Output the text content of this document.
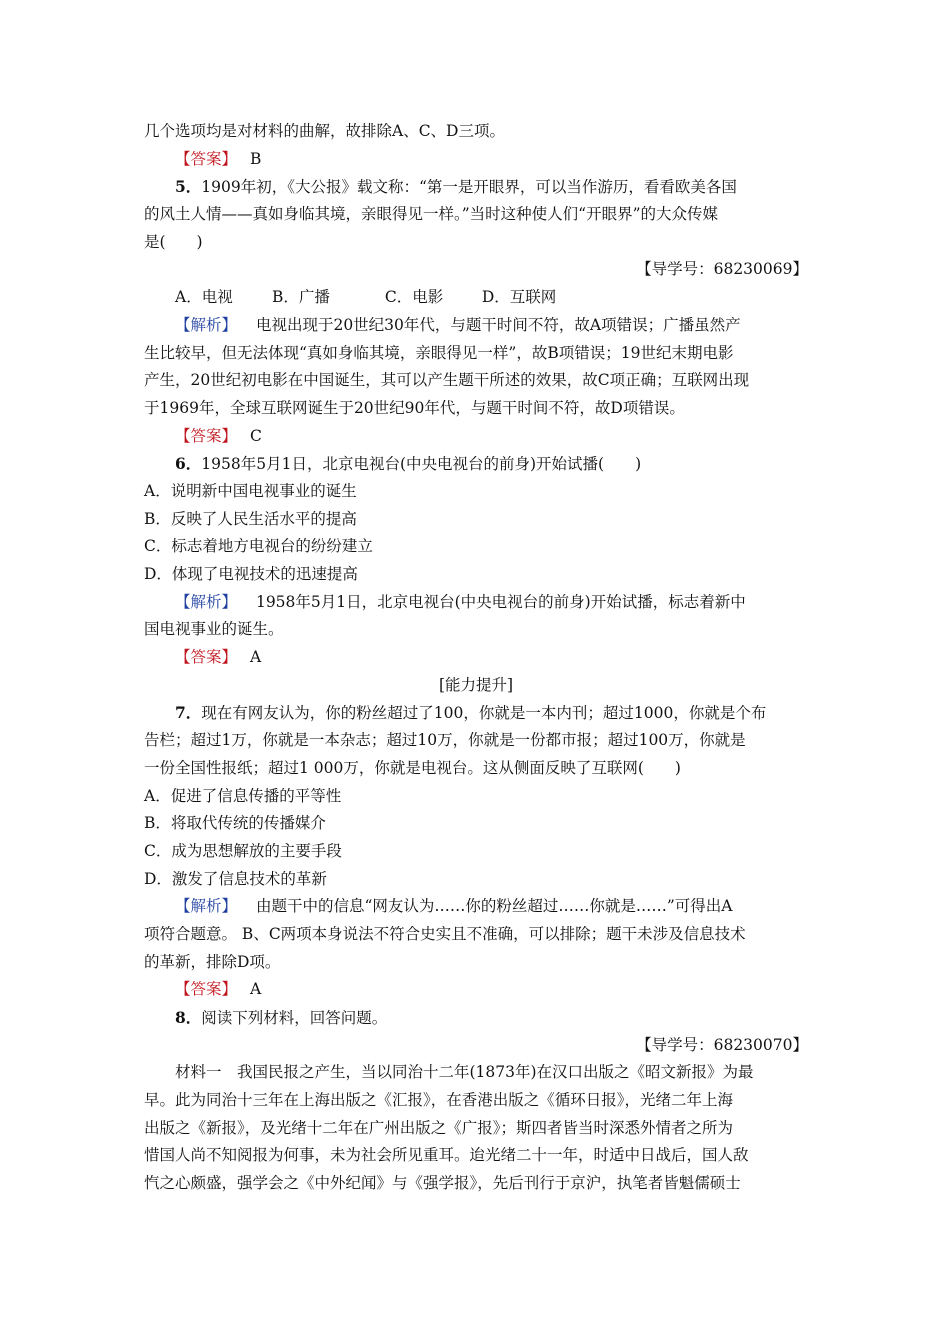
几个选项均是对材料的曲解，故排除A、C、D三项。
【答案】 B
5．1909年初，《大公报》载文称：“第一是开眼界，可以当作游历，看看欧美各国
的风土人情——真如身临其境，亲眼得见一样。”当时这种使人们“开眼界”的大众传媒
是(　　)
【导学号：68230069】
A．电视	B．广播	C．电影 D．互联网
【解析】 电视出现于20世纪30年代，与题干时间不符，故A项错误；广播虽然产
生比较早，但无法体现“真如身临其境，亲眼得见一样”，故B项错误；19世纪末期电影
产生，20世纪初电影在中国诞生，其可以产生题干所述的效果，故C项正确；互联网出现
于1969年，全球互联网诞生于20世纪90年代，与题干时间不符，故D项错误。
【答案】 C
6．1958年5月1日，北京电视台(中央电视台的前身)开始试播(　　)
A．说明新中国电视事业的诞生
B．反映了人民生活水平的提高
C．标志着地方电视台的纷纷建立
D．体现了电视技术的迅速提高
【解析】 1958年5月1日，北京电视台(中央电视台的前身)开始试播，标志着新中
国电视事业的诞生。
【答案】 A
[能力提升]
7．现在有网友认为，你的粉丝超过了100，你就是一本内刊；超过1000，你就是个布
告栏；超过1万，你就是一本杂志；超过10万，你就是一份都市报；超过100万，你就是
一份全国性报纸；超过1 000万，你就是电视台。这从侧面反映了互联网(　　)
A．促进了信息传播的平等性
B．将取代传统的传播媒介
C．成为思想解放的主要手段
D．激发了信息技术的革新
【解析】 由题干中的信息“网友认为……你的粉丝超过……你就是……”可得出A
项符合题意。 B、C两项本身说法不符合史实且不准确，可以排除；题干未涉及信息技术
的革新，排除D项。
【答案】 A
8．阅读下列材料，回答问题。
【导学号：68230070】
材料一　我国民报之产生，当以同治十二年(1873年)在汉口出版之《昭文新报》为最
早。此为同治十三年在上海出版之《汇报》，在香港出版之《循环日报》，光绪二年上海
出版之《新报》，及光绪十二年在广州出版之《广报》；斯四者皆当时深悉外情者之所为
惜国人尚不知阅报为何事，未为社会所见重耳。迨光绪二十一年，时适中日战后，国人敌
忾之心颇盛，强学会之《中外纪闻》与《强学报》，先后刊行于京沪，执笔者皆魁儒硕士
